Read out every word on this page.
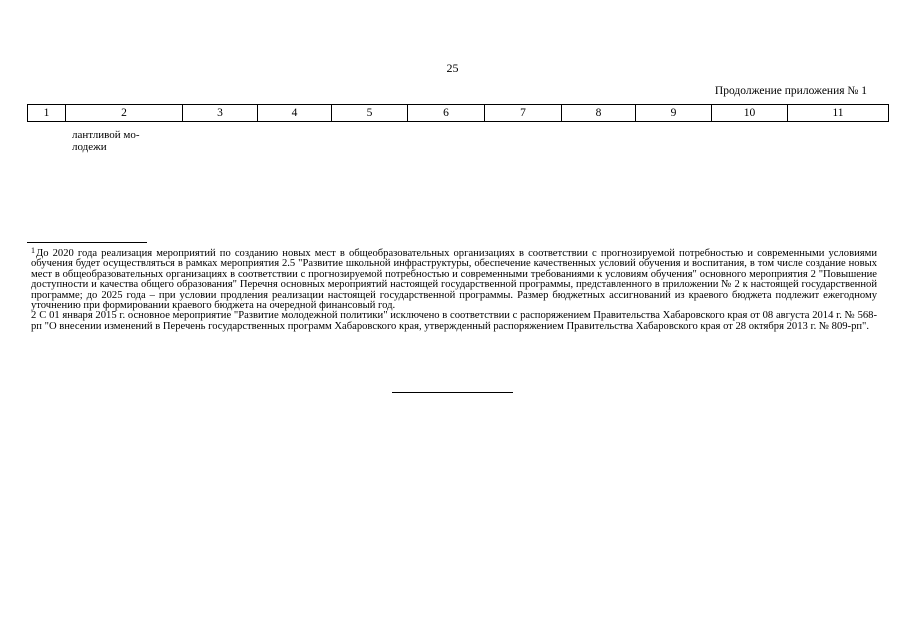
25
Продолжение приложения № 1
1	2	3	4	5	6	7	8	9	10	11
лантливой мо-
лодежи

$^1$До 2020 года реализация мероприятий по созданию новых мест в общеобразовательных организациях в соответствии с прогнозируемой потребностью и современными условиями обучения будет осуществляться в рамках мероприятия 2.5 "Развитие школьной инфраструктуры, обеспечение качественных условий обучения и воспитания, в том числе создание новых мест в общеобразовательных организациях в соответствии с прогнозируемой потребностью и современными требованиями к условиям обучения" основного мероприятия 2 "Повышение доступности и качества общего образования" Перечня основных мероприятий настоящей государственной программы, представленного в приложении № 2 к настоящей государственной программе; до 2025 года – при условии продления реализации настоящей государственной программы. Размер бюджетных ассигнований из краевого бюджета подлежит ежегодному уточнению при формировании краевого бюджета на очередной финансовый год.

2 С 01 января 2015 г. основное мероприятие "Развитие молодежной политики" исключено в соответствии с распоряжением Правительства Хабаровского края от 08 августа 2014 г. № 568-рп "О внесении изменений в Перечень государственных программ Хабаровского края, утвержденный распоряжением Правительства Хабаровского края от 28 октября 2013 г. № 809-рп".
